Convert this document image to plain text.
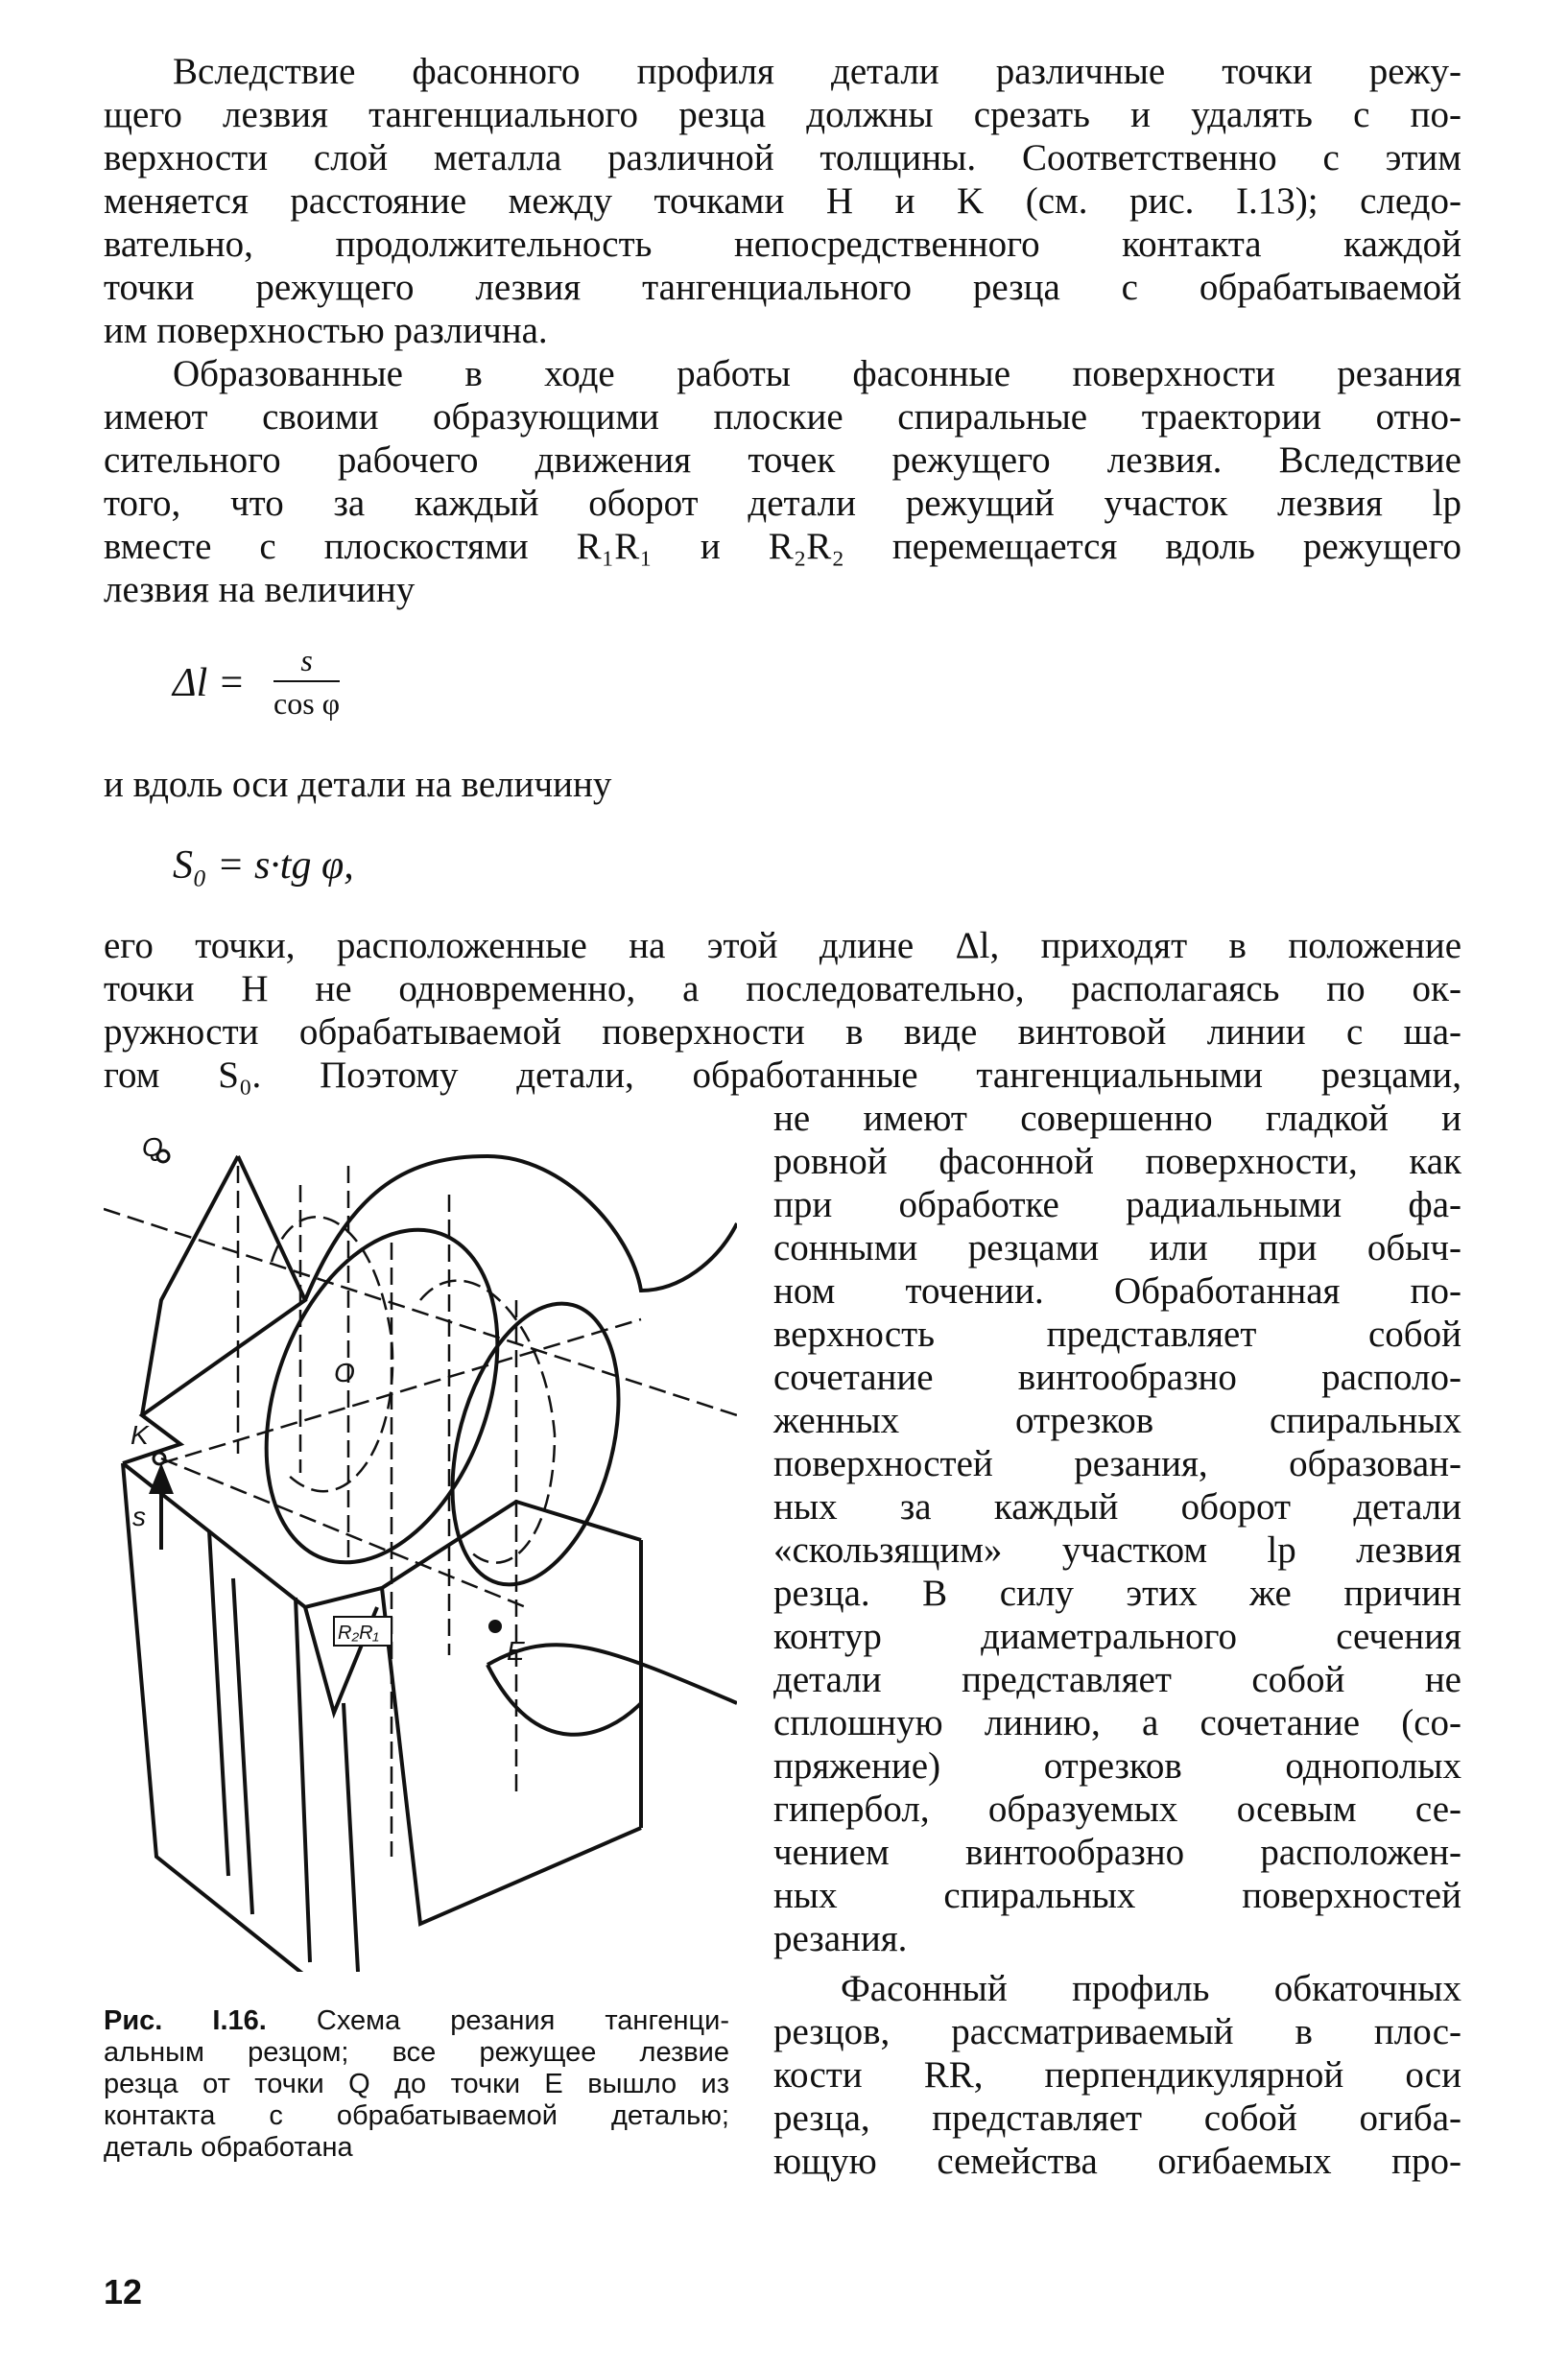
Вследствие фасонного профиля детали различные точки режу-
щего лезвия тангенциального резца должны срезать и удалять с по-
верхности слой металла различной толщины. Соответственно с этим
меняется расстояние между точками H и K (см. рис. I.13); следо-
вательно, продолжительность непосредственного контакта каждой
точки режущего лезвия тангенциального резца с обрабатываемой
им поверхностью различна.
Образованные в ходе работы фасонные поверхности резания
имеют своими образующими плоские спиральные траектории отно-
сительного рабочего движения точек режущего лезвия. Вследствие
того, что за каждый оборот детали режущий участок лезвия lр
вместе с плоскостями R₁R₁ и R₂R₂ перемещается вдоль режущего
лезвия на величину
$\Delta l = \frac{s}{\text{cos φ}}$
и вдоль оси детали на величину
S₀ = s·tg φ,
его точки, расположенные на этой длине Δl, приходят в положение
точки H не одновременно, а последовательно, располагаясь по ок-
ружности обрабатываемой поверхности в виде винтовой линии с ша-
гом S₀. Поэтому детали, обработанные тангенциальными резцами,
не имеют совершенно гладкой и
ровной фасонной поверхности, как
при обработке радиальными фа-
сонными резцами или при обыч-
ном точении. Обработанная по-
верхность представляет собой
сочетание винтообразно располо-
женных отрезков спиральных
поверхностей резания, образован-
ных за каждый оборот детали
«скользящим» участком lр лезвия
резца. В силу этих же причин
контур диаметрального сечения
детали представляет собой не
сплошную линию, а сочетание (со-
пряжение) отрезков однополых
гипербол, образуемых осевым се-
чением винтообразно расположен-
ных спиральных поверхностей
резания.
Фасонный профиль обкаточных
резцов, рассматриваемый в плос-
кости RR, перпендикулярной оси
резца, представляет собой огиба-
ющую семейства огибаемых про-
Q
O
K
s
E
R₂R₁
Рис. I.16. Схема резания тангенци-
альным резцом; все режущее лезвие
резца от точки Q до точки E вышло из
контакта с обрабатываемой деталью;
деталь обработана
12
